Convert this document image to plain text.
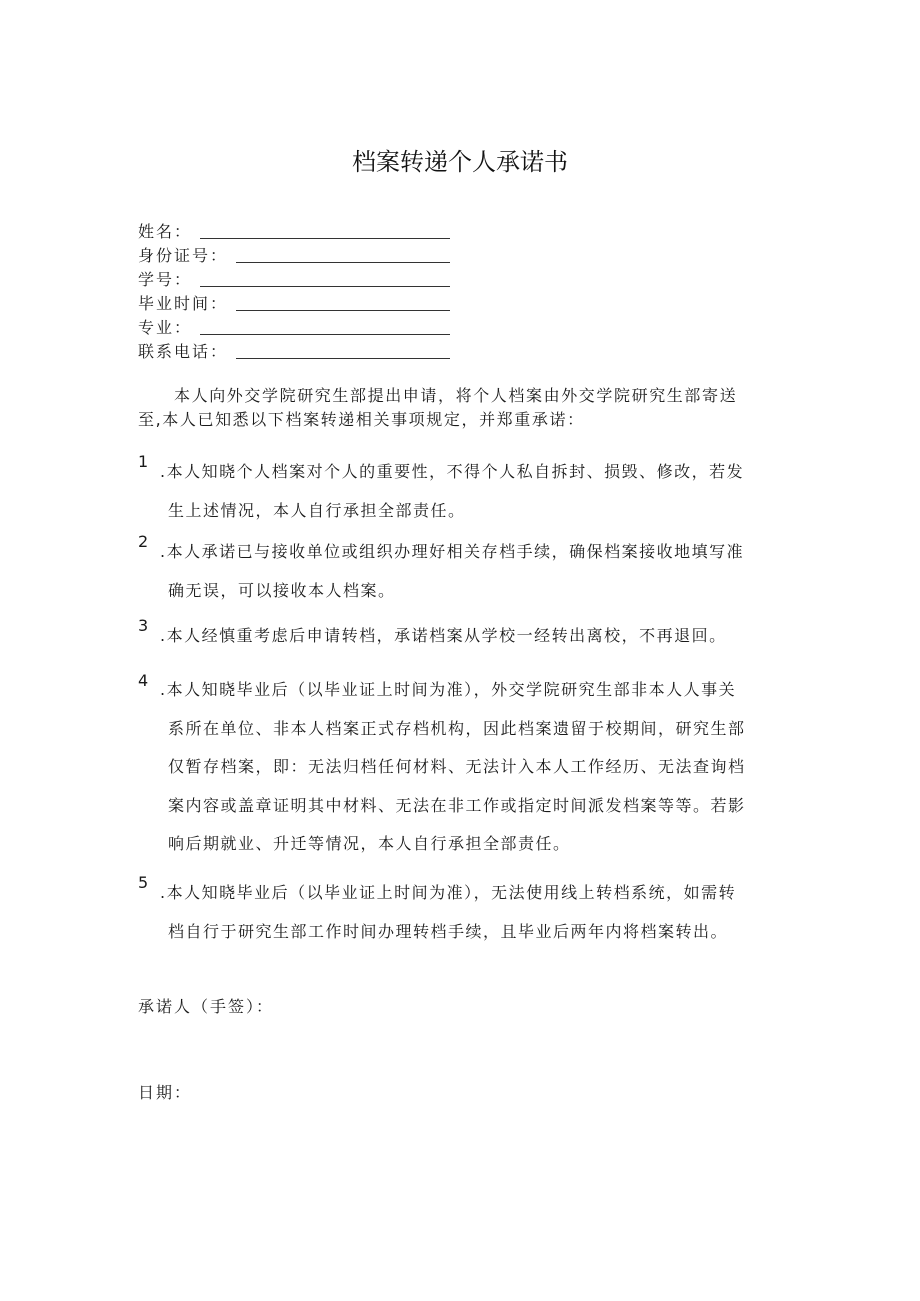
档案转递个人承诺书
姓名：
身份证号：
学号：
毕业时间：
专业：
联系电话：
本人向外交学院研究生部提出申请，将个人档案由外交学院研究生部寄送
至,本人已知悉以下档案转递相关事项规定，并郑重承诺：
1
.本人知晓个人档案对个人的重要性，不得个人私自拆封、损毁、修改，若发
生上述情况，本人自行承担全部责任。
2
.本人承诺已与接收单位或组织办理好相关存档手续，确保档案接收地填写准
确无误，可以接收本人档案。
3
.本人经慎重考虑后申请转档，承诺档案从学校一经转出离校，不再退回。
4 .本人知晓毕业后（以毕业证上时间为准），外交学院研究生部非本人人事关
系所在单位、非本人档案正式存档机构，因此档案遗留于校期间，研究生部
仅暂存档案，即：无法归档任何材料、无法计入本人工作经历、无法查询档
案内容或盖章证明其中材料、无法在非工作或指定时间派发档案等等。若影
响后期就业、升迁等情况，本人自行承担全部责任。
5
.本人知晓毕业后（以毕业证上时间为准），无法使用线上转档系统，如需转
档自行于研究生部工作时间办理转档手续，且毕业后两年内将档案转出。
承诺人（手签）：
日期：
